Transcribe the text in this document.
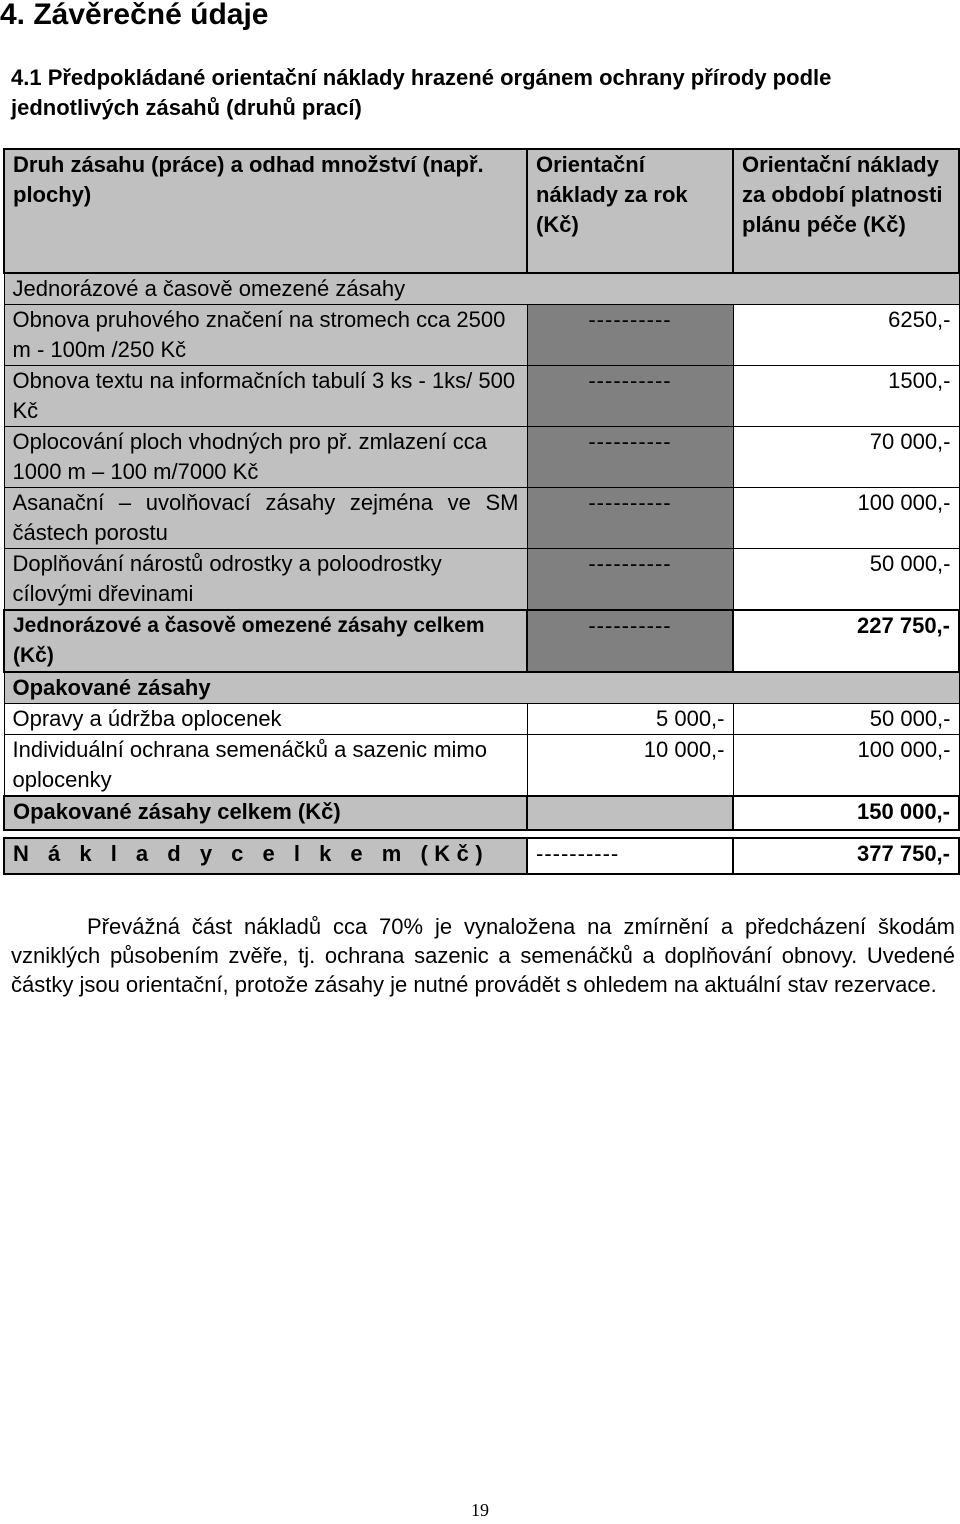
4. Závěrečné údaje
4.1 Předpokládané orientační náklady hrazené orgánem ochrany přírody podle jednotlivých zásahů (druhů prací)
Druh zásahu (práce) a odhad množství (např. plochy)	Orientační náklady za rok (Kč)	Orientační náklady za období platnosti plánu péče (Kč)
Jednorázové a časově omezené zásahy		
Obnova pruhového značení na stromech cca 2500 m - 100m /250 Kč	----------	6250,-
Obnova textu na informačních tabulí 3 ks - 1ks/ 500 Kč	----------	1500,-
Oplocování ploch vhodných pro př. zmlazení cca 1000 m – 100 m/7000 Kč	----------	70 000,-
Asanační – uvolňovací zásahy zejména ve SM částech porostu	----------	100 000,-
Doplňování nárostů odrostky a poloodrostky cílovými dřevinami	----------	50 000,-
Jednorázové a časově omezené zásahy celkem (Kč)	----------	227 750,-
Opakované zásahy		
Opravy a údržba oplocenek	5 000,-	50 000,-
Individuální ochrana semenáčků a sazenic mimo oplocenky	10 000,-	100 000,-
Opakované zásahy celkem (Kč)		150 000,-

N á k l a d y c e l k e m (Kč)	----------	377 750,-
Převážná část nákladů cca 70% je vynaložena na zmírnění a předcházení škodám vzniklých působením zvěře, tj. ochrana sazenic a semenáčků a doplňování obnovy. Uvedené částky jsou orientační, protože zásahy je nutné provádět s ohledem na aktuální stav rezervace.
19
